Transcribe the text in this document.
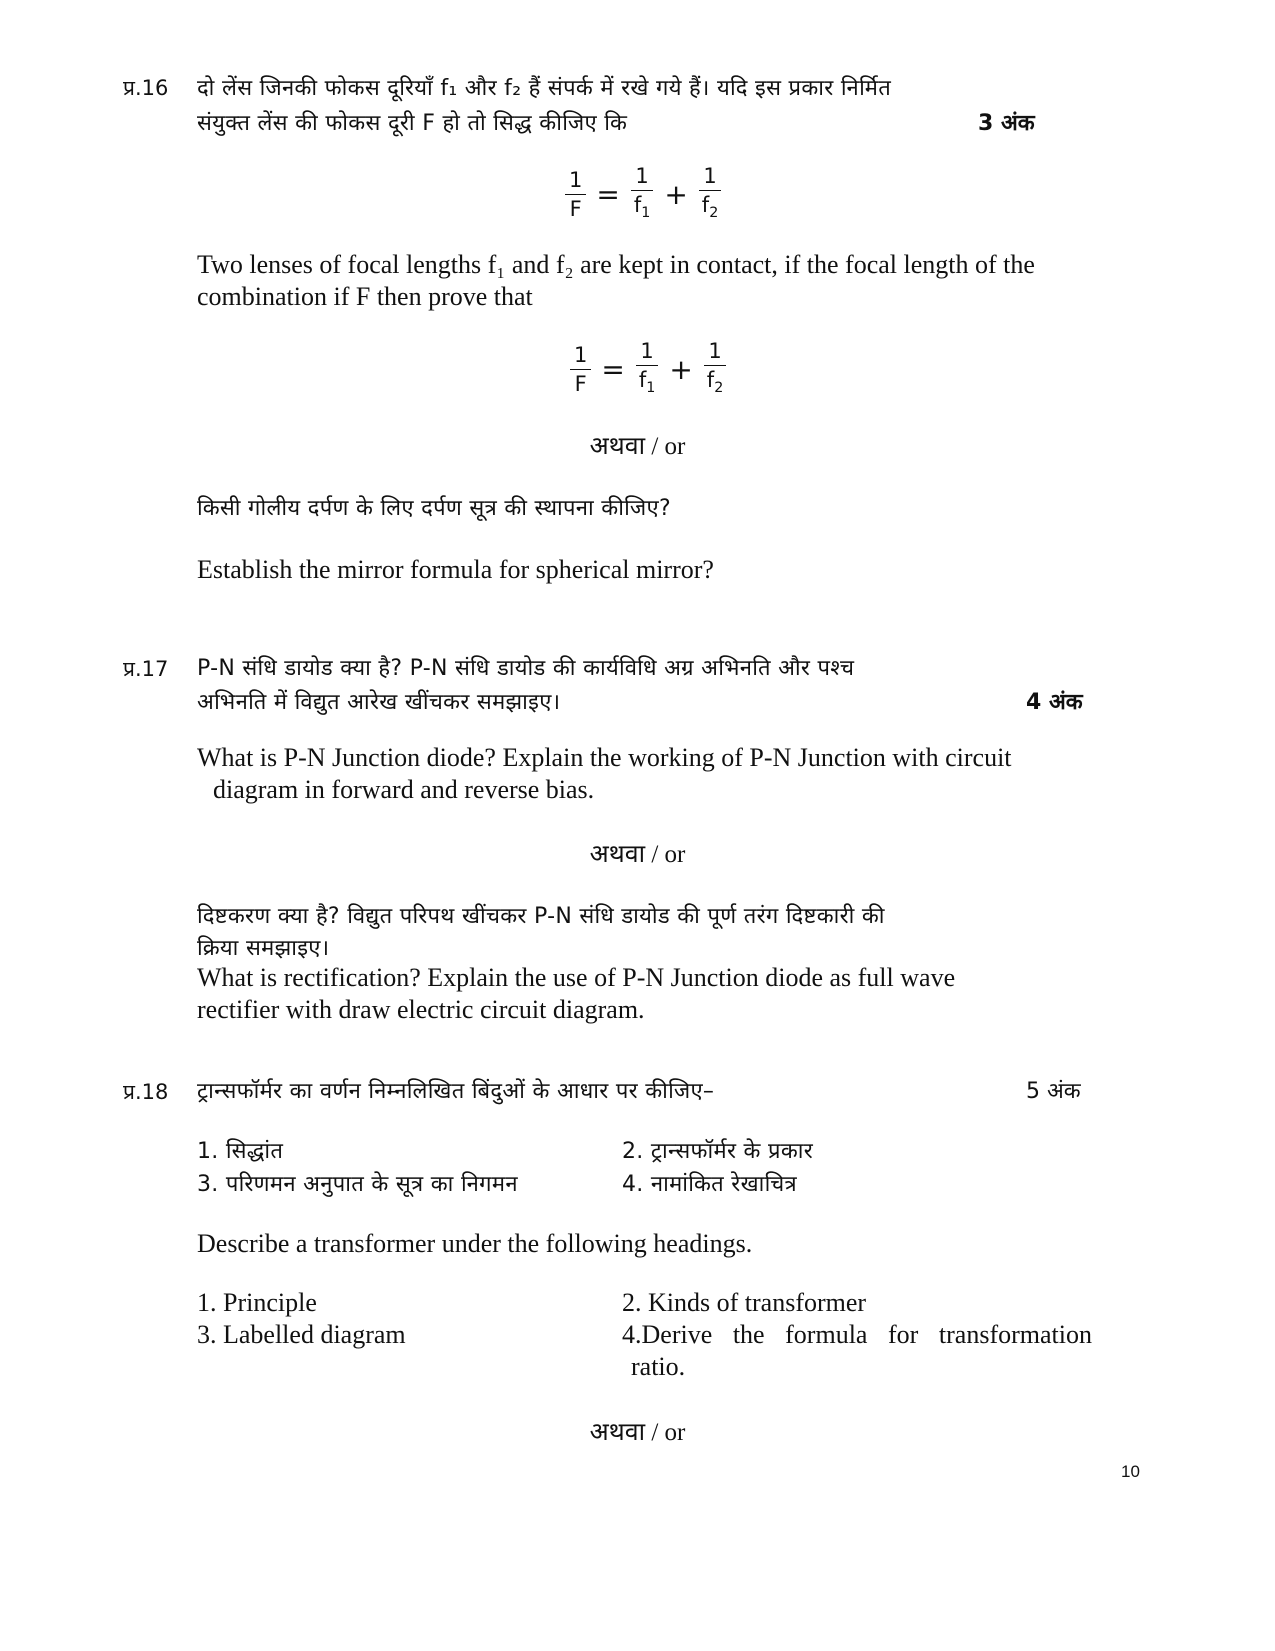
प्र.16 दो लेंस जिनकी फोकस दूरियाँ f₁ और f₂ हैं संपर्क में रखे गये हैं। यदि इस प्रकार निर्मित
संयुक्त लेंस की फोकस दूरी F हो तो सिद्ध कीजिए कि	3 अंक
$\frac{1}{F} = \frac{1}{f_1} + \frac{1}{f_2}$
Two lenses of focal lengths f₁ and f₂ are kept in contact, if the focal length of the
combination if F then prove that
$\frac{1}{F} = \frac{1}{f_1} + \frac{1}{f_2}$
अथवा / or
किसी गोलीय दर्पण के लिए दर्पण सूत्र की स्थापना कीजिए?
Establish the mirror formula for spherical mirror?
प्र.17 P-N संधि डायोड क्या है? P-N संधि डायोड की कार्यविधि अग्र अभिनति और पश्च
अभिनति में विद्युत आरेख खींचकर समझाइए।	4 अंक
What is P-N Junction diode? Explain the working of P-N Junction with circuit
diagram in forward and reverse bias.
अथवा / or
दिष्टकरण क्या है? विद्युत परिपथ खींचकर P-N संधि डायोड की पूर्ण तरंग दिष्टकारी की
क्रिया समझाइए।
What is rectification? Explain the use of P-N Junction diode as full wave
rectifier with draw electric circuit diagram.
प्र.18 ट्रान्सफॉर्मर का वर्णन निम्नलिखित बिंदुओं के आधार पर कीजिए–	5 अंक
1. सिद्धांत	2. ट्रान्सफॉर्मर के प्रकार
3. परिणमन अनुपात के सूत्र का निगमन	4. नामांकित रेखाचित्र
Describe a transformer under the following headings.
1. Principle	2. Kinds of transformer
3. Labelled diagram	4.Derive the formula for transformation
ratio.
अथवा / or
10
